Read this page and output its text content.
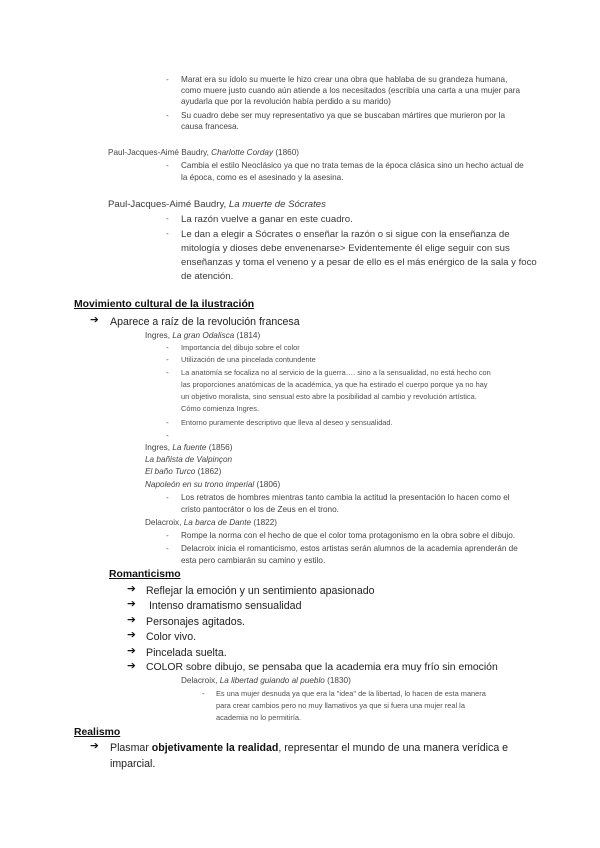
- Marat era su ídolo su muerte le hizo crear una obra que hablaba de su grandeza humana,
como muere justo cuando aún atiende a los necesitados (escribía una carta a una mujer para
ayudarla que por la revolución había perdido a su marido)
- Su cuadro debe ser muy representativo ya que se buscaban mártires que murieron por la
causa francesa.
Paul-Jacques-Aimé Baudry, Charlotte Corday (1860)
- Cambia el estilo Neoclásico ya que no trata temas de la época clásica sino un hecho actual de
la época, como es el asesinado y la asesina.
Paul-Jacques-Aimé Baudry, La muerte de Sócrates
- La razón vuelve a ganar en este cuadro.
- Le dan a elegir a Sócrates o enseñar la razón o si sigue con la enseñanza de
mitología y dioses debe envenenarse> Evidentemente él elige seguir con sus
enseñanzas y toma el veneno y a pesar de ello es el más enérgico de la sala y foco
de atención.
Movimiento cultural de la ilustración
➔ Aparece a raíz de la revolución francesa
Ingres, La gran Odalisca (1814)
- Importancia del dibujo sobre el color
- Utilización de una pincelada contundente
- La anatomía se focaliza no al servicio de la guerra…. sino a la sensualidad, no está hecho con
las proporciones anatómicas de la académica, ya que ha estirado el cuerpo porque ya no hay
un objetivo moralista, sino sensual esto abre la posibilidad al cambio y revolución artística.
Cómo comienza Ingres.
- Entorno puramente descriptivo que lleva al deseo y sensualidad.
-
Ingres, La fuente (1856)
La bañista de Valpinçon
El baño Turco (1862)
Napoleón en su trono imperial (1806)
- Los retratos de hombres mientras tanto cambia la actitud la presentación lo hacen como el
cristo pantocrátor o los de Zeus en el trono.
Delacroix, La barca de Dante (1822)
- Rompe la norma con el hecho de que el color toma protagonismo en la obra sobre el dibujo.
- Delacroix inicia el romanticismo, estos artistas serán alumnos de la academia aprenderán de
esta pero cambiarán su camino y estilo.
Romanticismo
➔ Reflejar la emoción y un sentimiento apasionado
➔ Intenso dramatismo sensualidad
➔ Personajes agitados.
➔ Color vivo.
➔ Pincelada suelta.
➔ COLOR sobre dibujo, se pensaba que la academia era muy frío sin emoción
Delacroix, La libertad guiando al pueblo (1830)
- Es una mujer desnuda ya que era la "idea" de la libertad, lo hacen de esta manera
para crear cambios pero no muy llamativos ya que si fuera una mujer real la
academia no lo permitiría.
Realismo
➔ Plasmar objetivamente la realidad, representar el mundo de una manera verídica e
imparcial.
